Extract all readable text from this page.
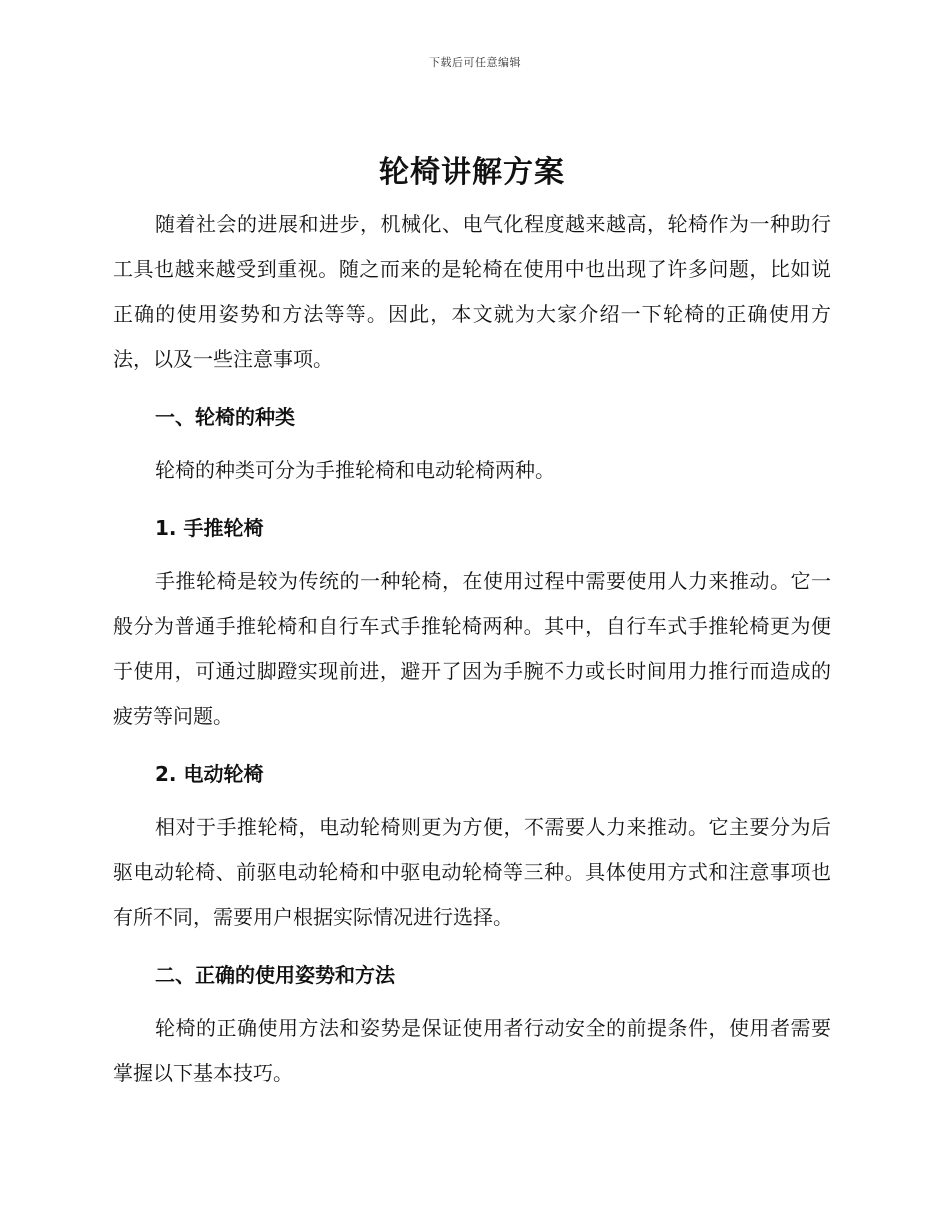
下载后可任意编辑
轮椅讲解方案

随着社会的进展和进步，机械化、电气化程度越来越高，轮椅作为一种助行工具也越来越受到重视。随之而来的是轮椅在使用中也出现了许多问题，比如说正确的使用姿势和方法等等。因此，本文就为大家介绍一下轮椅的正确使用方法，以及一些注意事项。

一、轮椅的种类

轮椅的种类可分为手推轮椅和电动轮椅两种。

1. 手推轮椅

手推轮椅是较为传统的一种轮椅，在使用过程中需要使用人力来推动。它一般分为普通手推轮椅和自行车式手推轮椅两种。其中，自行车式手推轮椅更为便于使用，可通过脚蹬实现前进，避开了因为手腕不力或长时间用力推行而造成的疲劳等问题。

2. 电动轮椅

相对于手推轮椅，电动轮椅则更为方便，不需要人力来推动。它主要分为后驱电动轮椅、前驱电动轮椅和中驱电动轮椅等三种。具体使用方式和注意事项也有所不同，需要用户根据实际情况进行选择。

二、正确的使用姿势和方法

轮椅的正确使用方法和姿势是保证使用者行动安全的前提条件，使用者需要掌握以下基本技巧。
